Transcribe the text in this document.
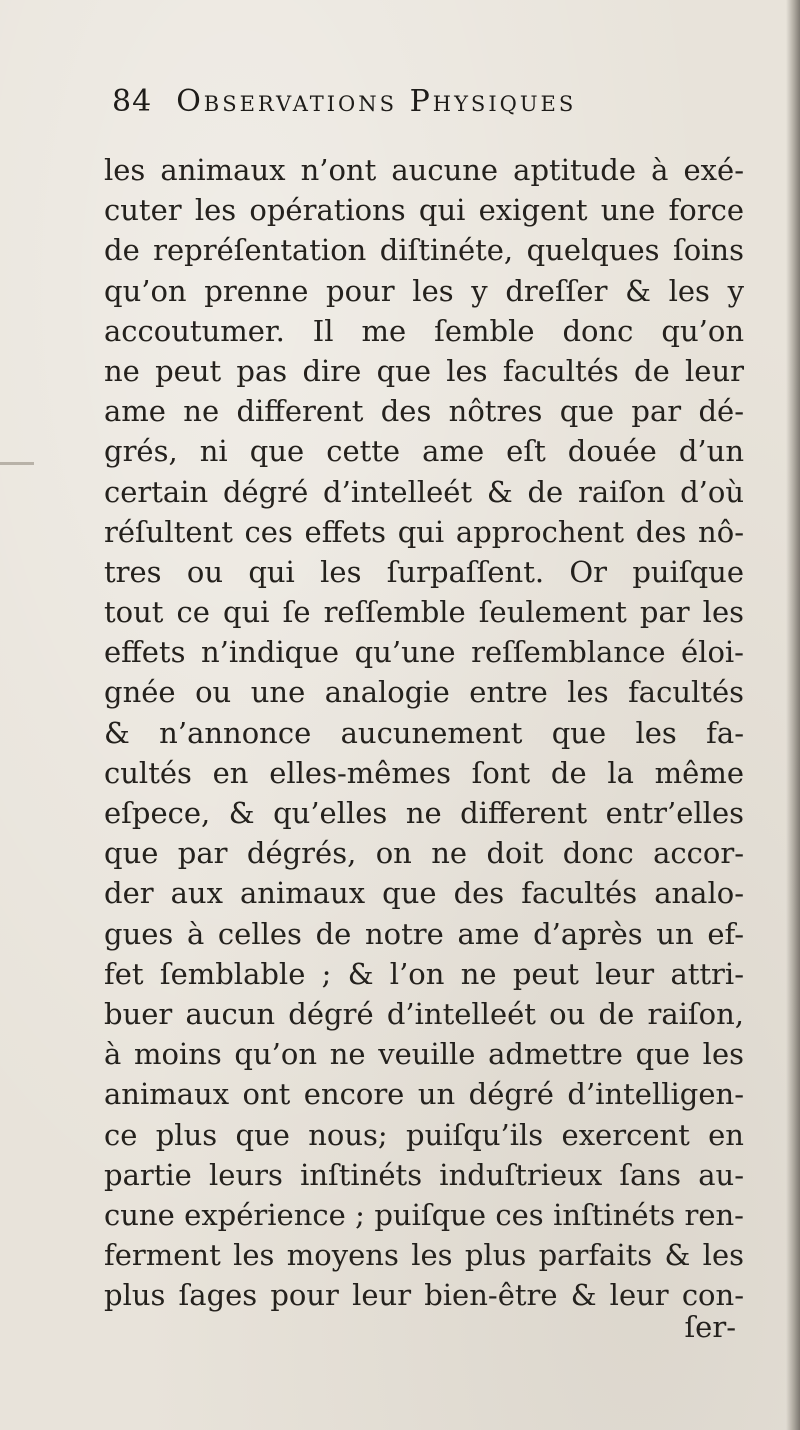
84 Observations Physiques
les animaux n’ont aucune aptitude à exé-
cuter les opérations qui exigent une force
de repréſentation diſtinéte, quelques ſoins
qu’on prenne pour les y dreſſer & les y
accoutumer. Il me ſemble donc qu’on
ne peut pas dire que les facultés de leur
ame ne different des nôtres que par dé-
grés, ni que cette ame eſt douée d’un
certain dégré d’intelleét & de raiſon d’où
réſultent ces effets qui approchent des nô-
tres ou qui les ſurpaſſent. Or puiſque
tout ce qui ſe reſſemble ſeulement par les
effets n’indique qu’une reſſemblance éloi-
gnée ou une analogie entre les facultés
& n’annonce aucunement que les fa-
cultés en elles-mêmes ſont de la même
eſpece, & qu’elles ne different entr’elles
que par dégrés, on ne doit donc accor-
der aux animaux que des facultés analo-
gues à celles de notre ame d’après un ef-
fet ſemblable ; & l’on ne peut leur attri-
buer aucun dégré d’intelleét ou de raiſon,
à moins qu’on ne veuille admettre que les
animaux ont encore un dégré d’intelligen-
ce plus que nous; puiſqu’ils exercent en
partie leurs inſtinéts induſtrieux ſans au-
cune expérience ; puiſque ces inſtinéts ren-
ferment les moyens les plus parfaits & les
plus ſages pour leur bien-être & leur con-
ſer-
